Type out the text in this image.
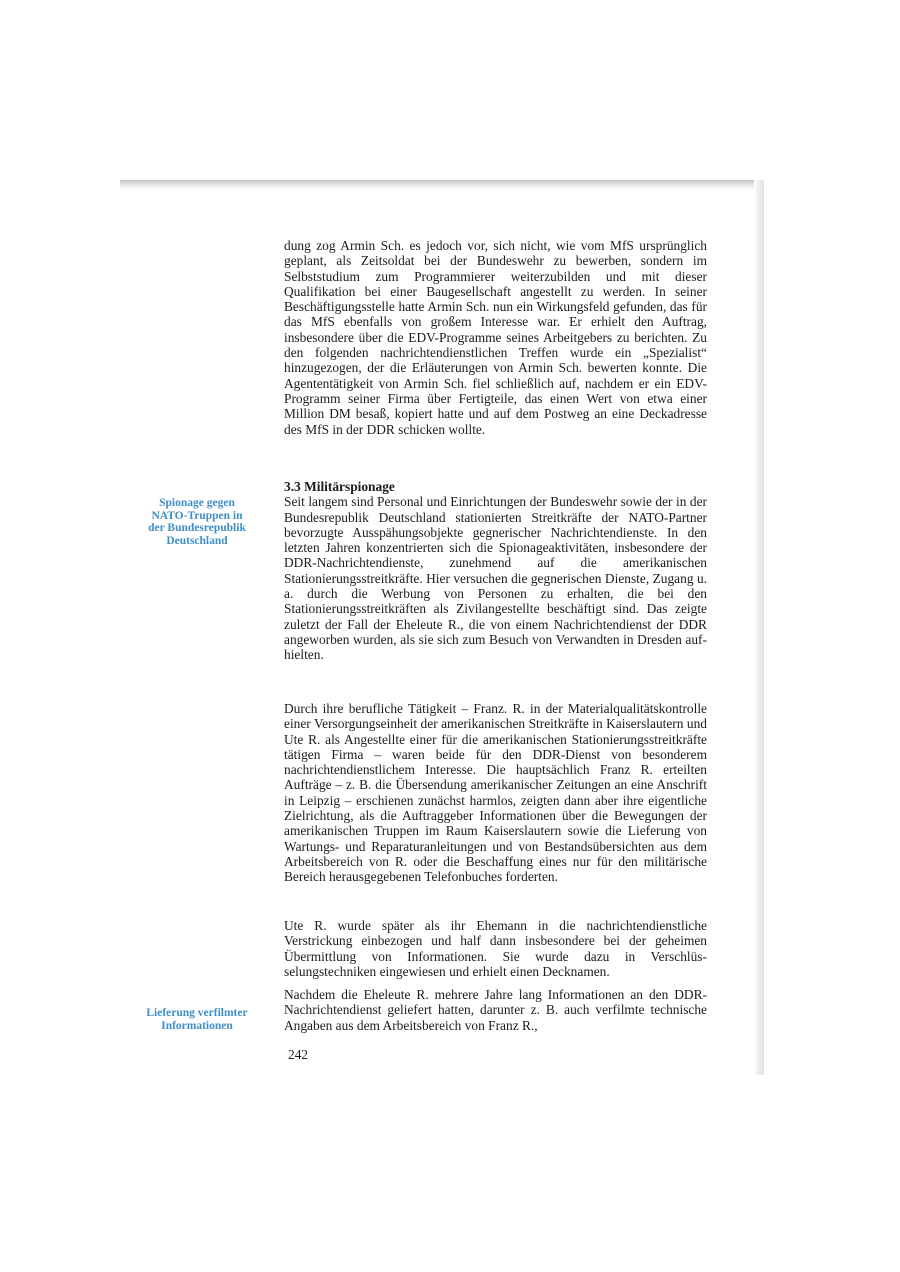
Spionage gegen
NATO-Truppen in
der Bundesrepublik
Deutschland

Lieferung verfilmter
Informationen

dung zog Armin Sch. es jedoch vor, sich nicht, wie vom MfS ursprünglich geplant, als Zeitsoldat bei der Bundeswehr zu bewerben, sondern im Selbststudium zum Programmierer weiterzubilden und mit dieser Qualifikation bei einer Baugesellschaft angestellt zu werden. In seiner Beschäftigungsstelle hatte Armin Sch. nun ein Wirkungsfeld gefunden, das für das MfS ebenfalls von großem Interesse war. Er erhielt den Auftrag, insbesondere über die EDV-Programme seines Arbeitgebers zu berichten. Zu den folgenden nachrichtendienstlichen Treffen wurde ein „Spezialist“ hinzugezogen, der die Erläuterungen von Armin Sch. bewerten konnte. Die Agententätigkeit von Armin Sch. fiel schließlich auf, nachdem er ein EDV-Programm seiner Firma über Fertigteile, das einen Wert von etwa einer Million DM besaß, kopiert hatte und auf dem Postweg an eine Deckadresse des MfS in der DDR schicken wollte.

3.3 Militärspionage

Seit langem sind Personal und Einrichtungen der Bundeswehr sowie der in der Bundesrepublik Deutschland stationierten Streitkräfte der NATO-Partner bevorzugte Ausspähungsobjekte gegnerischer Nachrichtendienste. In den letzten Jahren konzentrierten sich die Spionageaktivitäten, insbesondere der DDR-Nachrichtendienste, zunehmend auf die amerikanischen Stationierungsstreitkräfte. Hier versuchen die gegnerischen Dienste, Zugang u. a. durch die Werbung von Personen zu erhalten, die bei den Stationierungsstreitkräften als Zivilangestellte beschäftigt sind. Das zeigte zuletzt der Fall der Eheleute R., die von einem Nachrichtendienst der DDR angeworben wurden, als sie sich zum Besuch von Verwandten in Dresden aufhielten.

Durch ihre berufliche Tätigkeit – Franz. R. in der Materialqualitätskontrolle einer Versorgungseinheit der amerikanischen Streitkräfte in Kaiserslautern und Ute R. als Angestellte einer für die amerikanischen Stationierungsstreitkräfte tätigen Firma – waren beide für den DDR-Dienst von besonderem nachrichtendienstlichem Interesse. Die hauptsächlich Franz R. erteilten Aufträge – z. B. die Übersendung amerikanischer Zeitungen an eine Anschrift in Leipzig – erschienen zunächst harmlos, zeigten dann aber ihre eigentliche Zielrichtung, als die Auftraggeber Informationen über die Bewegungen der amerikanischen Truppen im Raum Kaiserslautern sowie die Lieferung von Wartungs- und Reparaturanleitungen und von Bestandsübersichten aus dem Arbeitsbereich von R. oder die Beschaffung eines nur für den militärische Bereich herausgegebenen Telefonbuches forderten.

Ute R. wurde später als ihr Ehemann in die nachrichtendienstliche Verstrickung einbezogen und half dann insbesondere bei der geheimen Übermittlung von Informationen. Sie wurde dazu in Verschlüsselungstechniken eingewiesen und erhielt einen Decknamen.

Nachdem die Eheleute R. mehrere Jahre lang Informationen an den DDR-Nachrichtendienst geliefert hatten, darunter z. B. auch verfilmte technische Angaben aus dem Arbeitsbereich von Franz R.,

242
